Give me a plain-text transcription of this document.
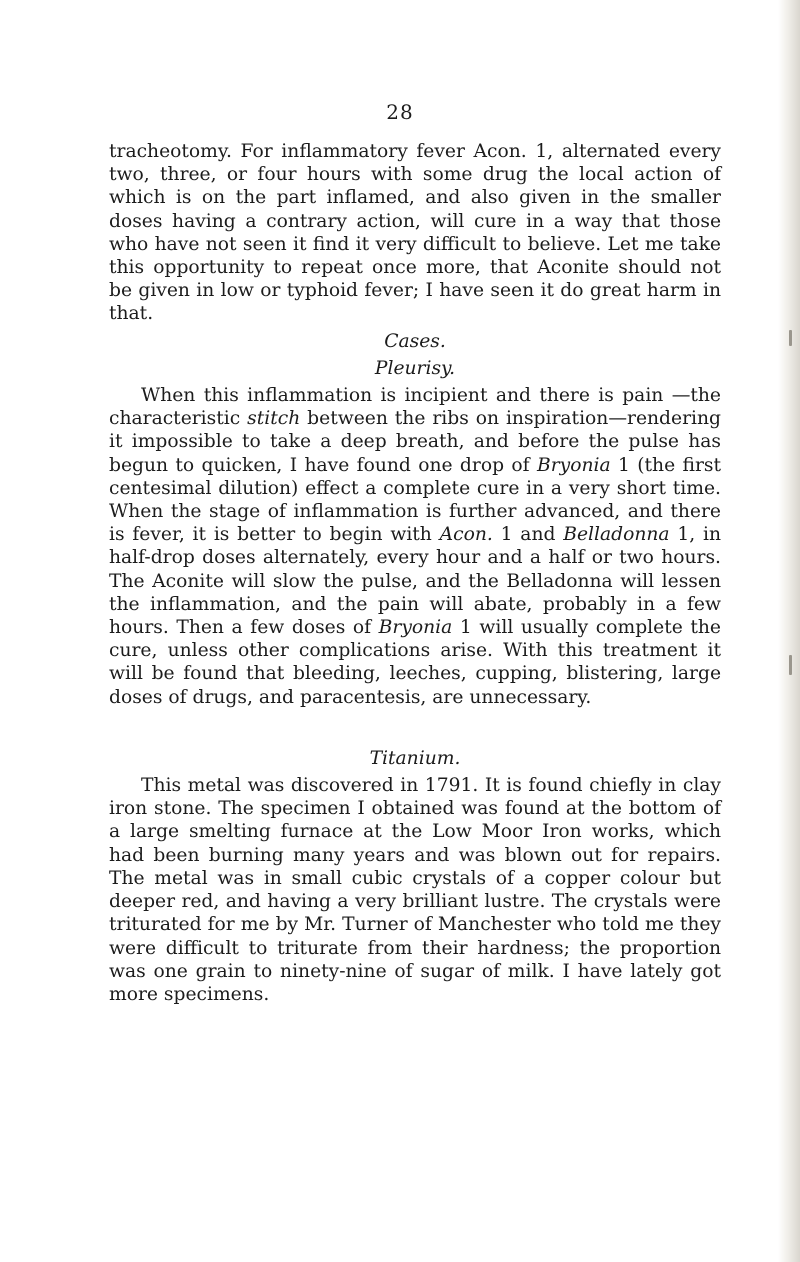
28

tracheotomy. For inflammatory fever Acon. 1, alternated every two, three, or four hours with some drug the local action of which is on the part inflamed, and also given in the smaller doses having a contrary action, will cure in a way that those who have not seen it find it very difficult to believe. Let me take this opportunity to repeat once more, that Aconite should not be given in low or typhoid fever; I have seen it do great harm in that.

Cases.

Pleurisy.

When this inflammation is incipient and there is pain —the characteristic stitch between the ribs on inspiration—rendering it impossible to take a deep breath, and before the pulse has begun to quicken, I have found one drop of Bryonia 1 (the first centesimal dilution) effect a complete cure in a very short time. When the stage of inflammation is further advanced, and there is fever, it is better to begin with Acon. 1 and Belladonna 1, in half-drop doses alternately, every hour and a half or two hours. The Aconite will slow the pulse, and the Belladonna will lessen the inflammation, and the pain will abate, probably in a few hours. Then a few doses of Bryonia 1 will usually complete the cure, unless other complications arise. With this treatment it will be found that bleeding, leeches, cupping, blistering, large doses of drugs, and paracentesis, are unnecessary.

Titanium.

This metal was discovered in 1791. It is found chiefly in clay iron stone. The specimen I obtained was found at the bottom of a large smelting furnace at the Low Moor Iron works, which had been burning many years and was blown out for repairs. The metal was in small cubic crystals of a copper colour but deeper red, and having a very brilliant lustre. The crystals were triturated for me by Mr. Turner of Manchester who told me they were difficult to triturate from their hardness; the proportion was one grain to ninety-nine of sugar of milk. I have lately got more specimens.
